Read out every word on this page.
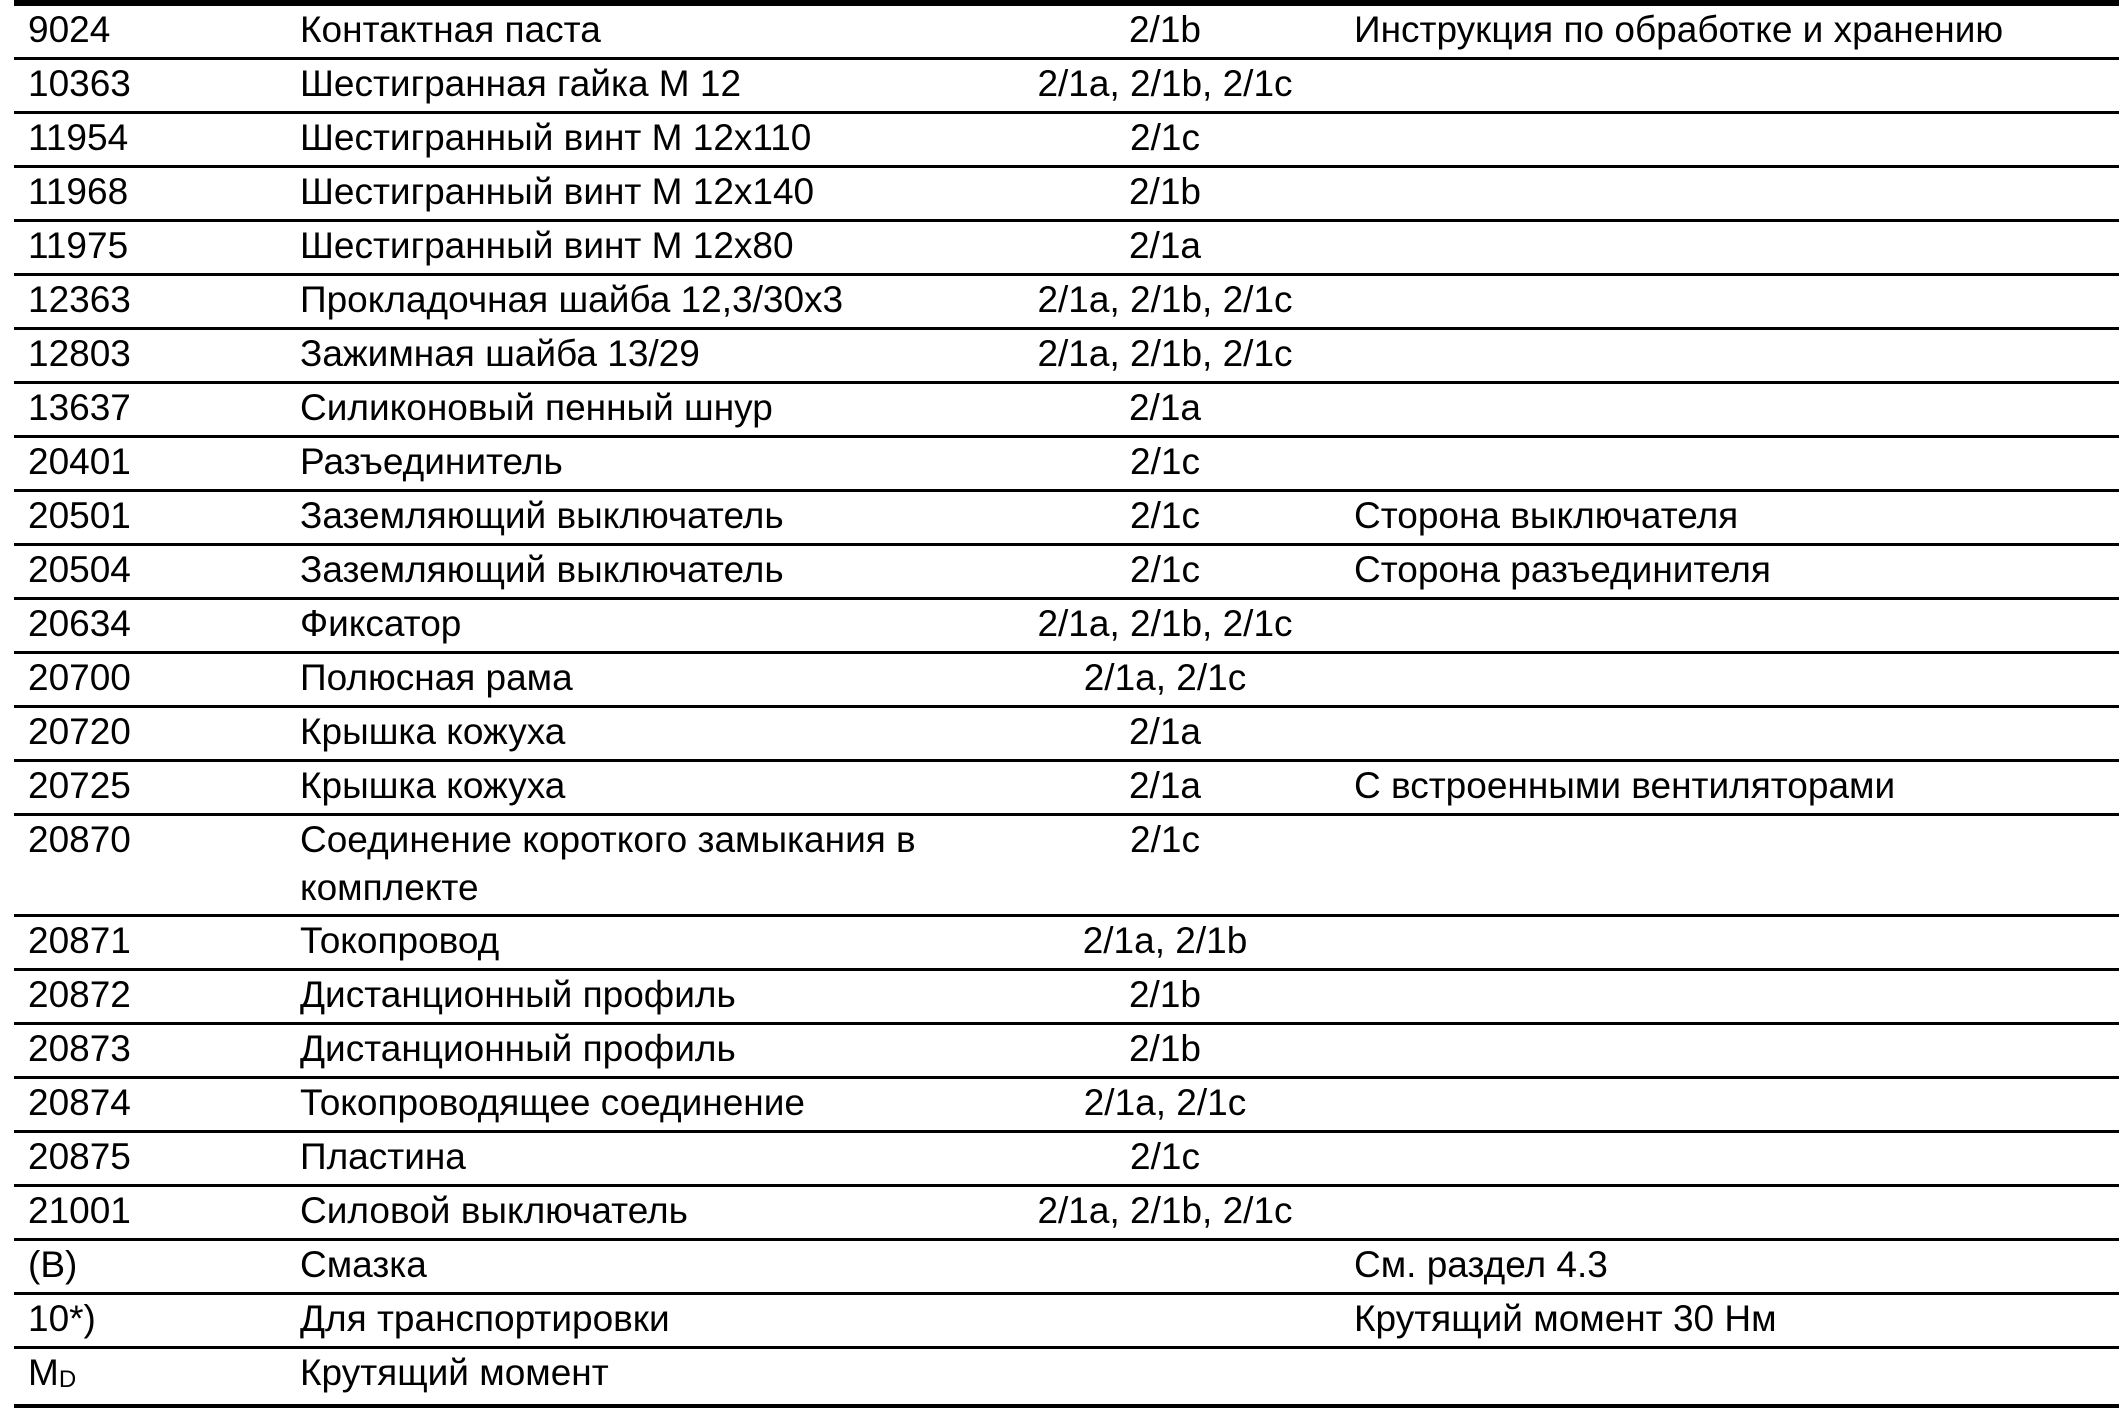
9024	Контактная паста	2/1b	Инструкция по обработке и хранению
10363	Шестигранная гайка M 12	2/1a, 2/1b, 2/1c	
11954	Шестигранный винт M 12x110	2/1c	
11968	Шестигранный винт M 12x140	2/1b	
11975	Шестигранный винт M 12x80	2/1a	
12363	Прокладочная шайба 12,3/30x3	2/1a, 2/1b, 2/1c	
12803	Зажимная шайба 13/29	2/1a, 2/1b, 2/1c	
13637	Силиконовый пенный шнур	2/1a	
20401	Разъединитель	2/1c	
20501	Заземляющий выключатель	2/1c	Сторона выключателя
20504	Заземляющий выключатель	2/1c	Сторона разъединителя
20634	Фиксатор	2/1a, 2/1b, 2/1c	
20700	Полюсная рама	2/1a, 2/1c	
20720	Крышка кожуха	2/1a	
20725	Крышка кожуха	2/1a	С встроенными вентиляторами
20870	Соединение короткого замыкания в комплекте	2/1c	
20871	Токопровод	2/1a, 2/1b	
20872	Дистанционный профиль	2/1b	
20873	Дистанционный профиль	2/1b	
20874	Токопроводящее соединение	2/1a, 2/1c	
20875	Пластина	2/1c	
21001	Силовой выключатель	2/1a, 2/1b, 2/1c	
(B)	Смазка		См. раздел 4.3
10*)	Для транспортировки		Крутящий момент 30 Нм
MD	Крутящий момент		
